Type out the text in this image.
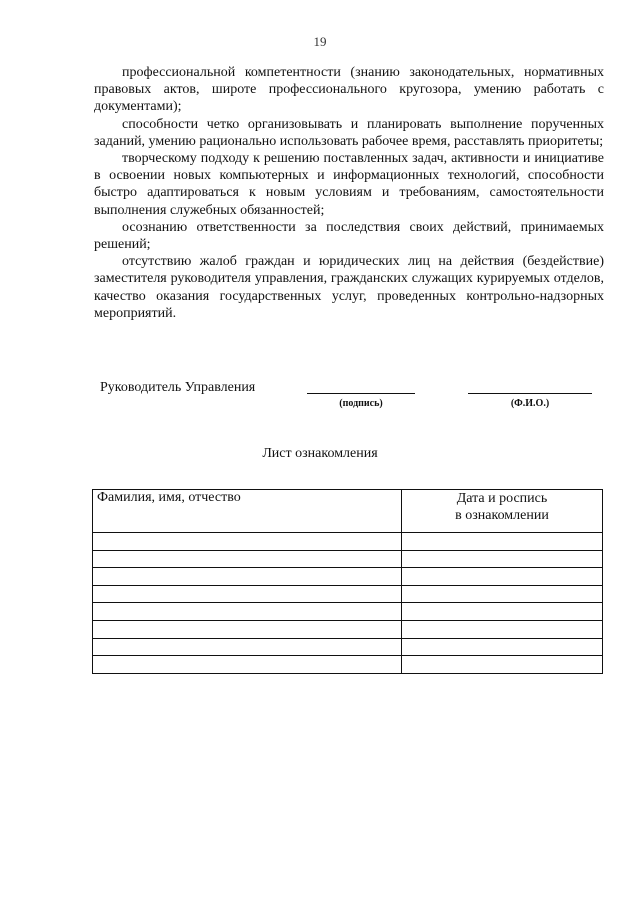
19

профессиональной компетентности (знанию законодательных, нормативных правовых актов, широте профессионального кругозора, умению работать с документами);

способности четко организовывать и планировать выполнение порученных заданий, умению рационально использовать рабочее время, расставлять приоритеты;

творческому подходу к решению поставленных задач, активности и инициативе в освоении новых компьютерных и информационных технологий, способности быстро адаптироваться к новым условиям и требованиям, самостоятельности выполнения служебных обязанностей;

осознанию ответственности за последствия своих действий, принимаемых решений;

отсутствию жалоб граждан и юридических лиц на действия (бездействие) заместителя руководителя управления, гражданских служащих курируемых отделов, качество оказания государственных услуг, проведенных контрольно-надзорных мероприятий.

Руководитель Управления
(подпись)	(Ф.И.О.)
Лист ознакомления
Фамилия, имя, отчество	Дата и роспись
в ознакомлении
